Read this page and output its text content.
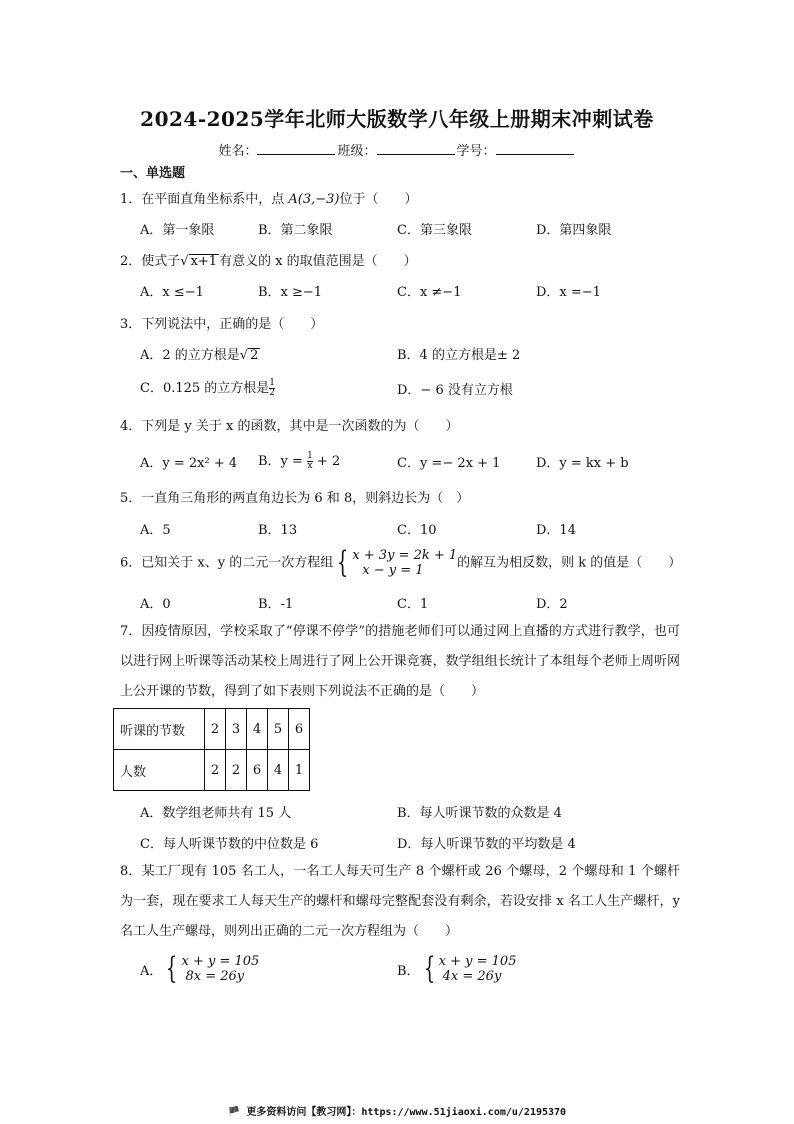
2024-2025学年北师大版数学八年级上册期末冲刺试卷
姓名：	班级：	学号：
一、单选题
1．在平面直角坐标系中，点 A(3,−3)位于（　　）
A．第一象限	B．第二象限	C．第三象限	D．第四象限
2．使式子√ x+1 有意义的 x 的取值范围是（　　）
A．x ≤−1	B．x ≥−1	C．x ≠−1	D．x =−1
3．下列说法中，正确的是（　　）
A．2 的立方根是√ 2	B．4 的立方根是± 2
C．0.125 的立方根是 $\frac{1}{2}$	D．− 6 没有立方根
4．下列是 y 关于 x 的函数，其中是一次函数的为（　　）
A．y = 2x² + 4 B．$y = \frac{1}{x} + 2$	C．y =− 2x + 1	D．y = kx + b
5．一直角三角形的两直角边长为 6 和 8，则斜边长为（　）
A．5	B．13	C．10	D．14
6．已知关于 x、y 的二元一次方程组 { x + 3y = 2k + 1
x − y = 1	的解互为相反数，则 k 的值是（　　）
A．0	B．-1	C．1	D．2
7．因疫情原因，学校采取了“停课不停学”的措施老师们可以通过网上直播的方式进行教学，也可以进行网上听课等活动某校上周进行了网上公开课竞赛，数学组组长统计了本组每个老师上周听网上公开课的节数，得到了如下表则下列说法不正确的是（　　）
听课的节数	2	3	4	5	6
人数	2	2	6	4	1
A．数学组老师共有 15 人	B．每人听课节数的众数是 4
C．每人听课节数的中位数是 6	D．每人听课节数的平均数是 4
8．某工厂现有 105 名工人，一名工人每天可生产 8 个螺杆或 26 个螺母，2 个螺母和 1 个螺杆为一套，现在要求工人每天生产的螺杆和螺母完整配套没有剩余，若设安排 x 名工人生产螺杆，y 名工人生产螺母，则列出正确的二元一次方程组为（　　）
A． { x + y = 105
8x = 26y	B． { x + y = 105
4x = 26y
🏴 更多资料访问【教习网】：https://www.51jiaoxi.com/u/2195370
